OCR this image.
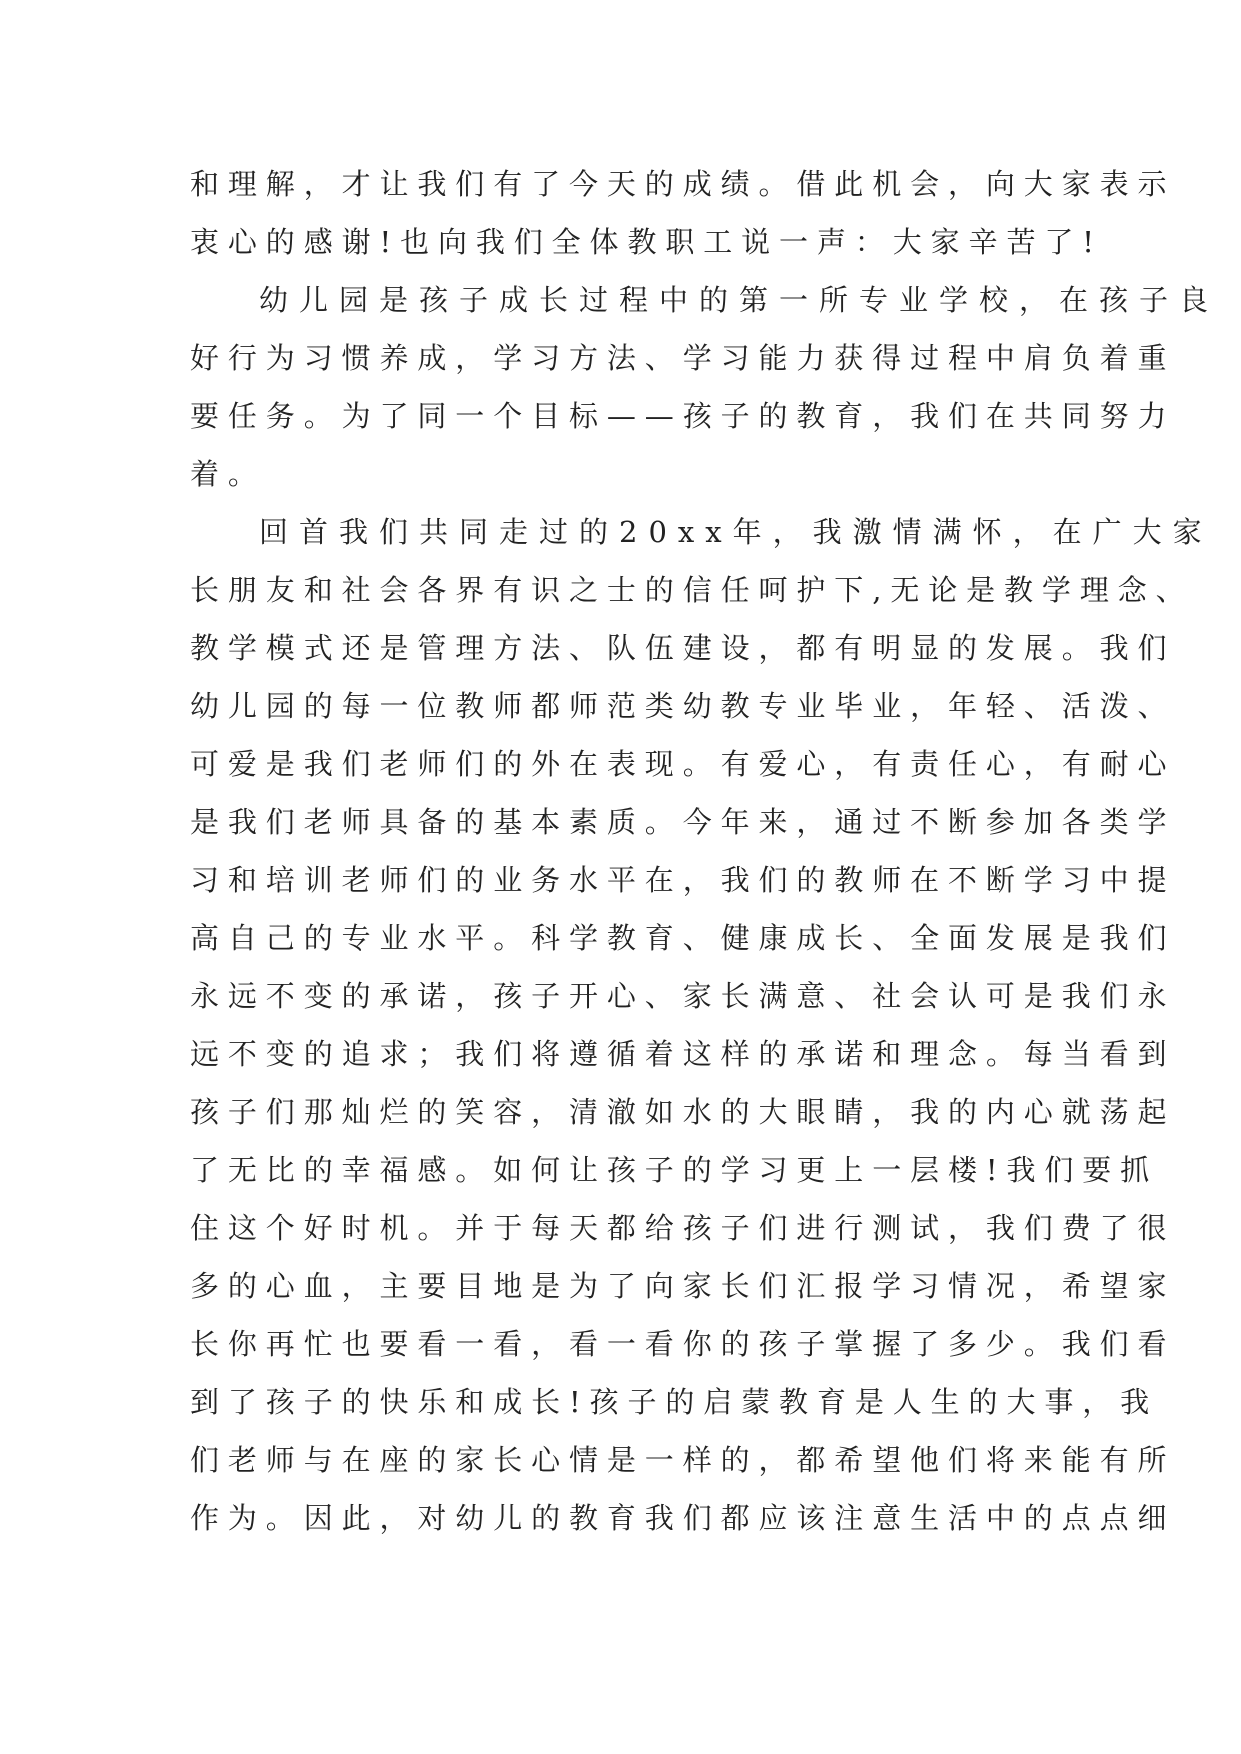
和理解，才让我们有了今天的成绩。借此机会，向大家表示

衷心的感谢!也向我们全体教职工说一声：大家辛苦了!

幼儿园是孩子成长过程中的第一所专业学校，在孩子良

好行为习惯养成，学习方法、学习能力获得过程中肩负着重

要任务。为了同一个目标——孩子的教育，我们在共同努力

着。

回首我们共同走过的20xx年，我激情满怀，在广大家

长朋友和社会各界有识之士的信任呵护下,无论是教学理念、

教学模式还是管理方法、队伍建设，都有明显的发展。我们

幼儿园的每一位教师都师范类幼教专业毕业，年轻、活泼、

可爱是我们老师们的外在表现。有爱心，有责任心，有耐心

是我们老师具备的基本素质。今年来，通过不断参加各类学

习和培训老师们的业务水平在，我们的教师在不断学习中提

高自己的专业水平。科学教育、健康成长、全面发展是我们

永远不变的承诺，孩子开心、家长满意、社会认可是我们永

远不变的追求；我们将遵循着这样的承诺和理念。每当看到

孩子们那灿烂的笑容，清澈如水的大眼睛，我的内心就荡起

了无比的幸福感。如何让孩子的学习更上一层楼!我们要抓

住这个好时机。并于每天都给孩子们进行测试，我们费了很

多的心血，主要目地是为了向家长们汇报学习情况，希望家

长你再忙也要看一看，看一看你的孩子掌握了多少。我们看

到了孩子的快乐和成长!孩子的启蒙教育是人生的大事，我

们老师与在座的家长心情是一样的，都希望他们将来能有所

作为。因此，对幼儿的教育我们都应该注意生活中的点点细
